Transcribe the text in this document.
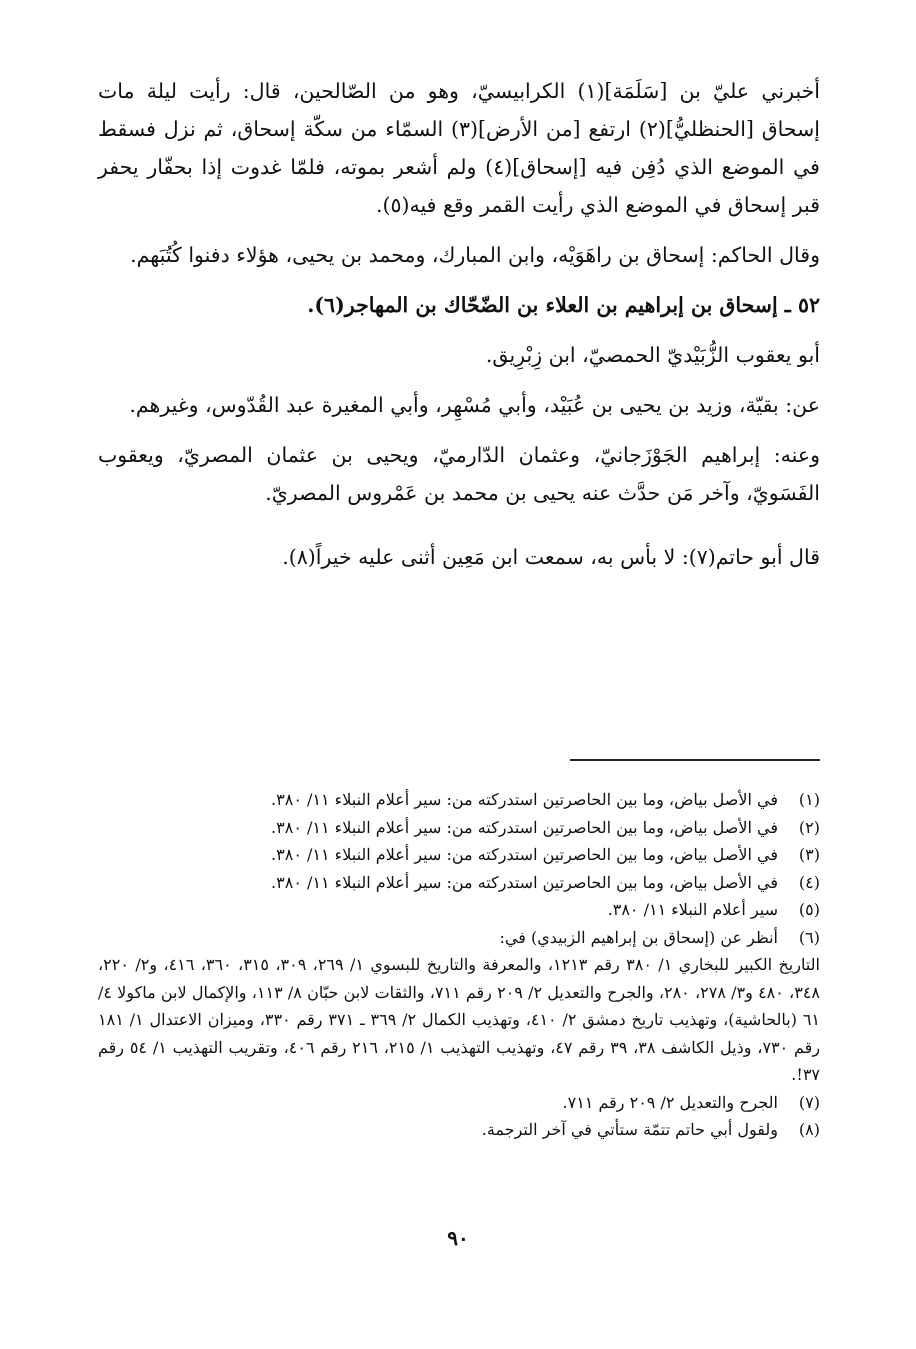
أخبرني عليّ بن [سَلَمَة](١) الكرابيسيّ، وهو من الصّالحين، قال: رأيت ليلة مات إسحاق [الحنظليُّ](٢) ارتفع [من الأرض](٣) السمّاء من سكّة إسحاق، ثم نزل فسقط في الموضع الذي دُفِن فيه [إسحاق](٤) ولم أشعر بموته، فلمّا غدوت إذا بحفّار يحفر قبر إسحاق في الموضع الذي رأيت القمر وقع فيه(٥).

وقال الحاكم: إسحاق بن راهَوَيْه، وابن المبارك، ومحمد بن يحيى، هؤلاء دفنوا كُتُبَهم.

٥٢ ـ إسحاق بن إبراهيم بن العلاء بن الضّحّاك بن المهاجر(٦).

أبو يعقوب الزُّبَيْديّ الحمصيّ، ابن زِبْرِيق.

عن: بقيّة، وزيد بن يحيى بن عُبَيْد، وأبي مُسْهِر، وأبي المغيرة عبد القُدّوس، وغيرهم.

وعنه: إبراهيم الجَوْزَجانيّ، وعثمان الدّارميّ، ويحيى بن عثمان المصريّ، ويعقوب الفَسَويّ، وآخر مَن حدَّث عنه يحيى بن محمد بن عَمْروس المصريّ.

قال أبو حاتم(٧): لا بأس به، سمعت ابن مَعِين أثنى عليه خيراً(٨).

(١)
في الأصل بياض، وما بين الحاصرتين استدركته من: سير أعلام النبلاء ١١/ ٣٨٠.
(٢)
في الأصل بياض، وما بين الحاصرتين استدركته من: سير أعلام النبلاء ١١/ ٣٨٠.
(٣)
في الأصل بياض، وما بين الحاصرتين استدركته من: سير أعلام النبلاء ١١/ ٣٨٠.
(٤)
في الأصل بياض، وما بين الحاصرتين استدركته من: سير أعلام النبلاء ١١/ ٣٨٠.
(٥)
سير أعلام النبلاء ١١/ ٣٨٠.
(٦)
أنظر عن (إسحاق بن إبراهيم الزبيدي) في:
التاريخ الكبير للبخاري ١/ ٣٨٠ رقم ١٢١٣، والمعرفة والتاريخ للبسوي ١/ ٢٦٩، ٣٠٩، ٣١٥، ٣٦٠، ٤١٦، و٢/ ٢٢٠، ٣٤٨، ٤٨٠ و٣/ ٢٧٨، ٢٨٠، والجرح والتعديل ٢/ ٢٠٩ رقم ٧١١، والثقات لابن حبّان ٨/ ١١٣، والإكمال لابن ماكولا ٤/ ٦١ (بالحاشية)، وتهذيب تاريخ دمشق ٢/ ٤١٠، وتهذيب الكمال ٢/ ٣٦٩ ـ ٣٧١ رقم ٣٣٠، وميزان الاعتدال ١/ ١٨١ رقم ٧٣٠، وذيل الكاشف ٣٨، ٣٩ رقم ٤٧، وتهذيب التهذيب ١/ ٢١٥، ٢١٦ رقم ٤٠٦، وتقريب التهذيب ١/ ٥٤ رقم ٣٧!.
(٧)
الجرح والتعديل ٢/ ٢٠٩ رقم ٧١١.
(٨)
ولقول أبي حاتم تتمّة ستأتي في آخر الترجمة.
٩٠
